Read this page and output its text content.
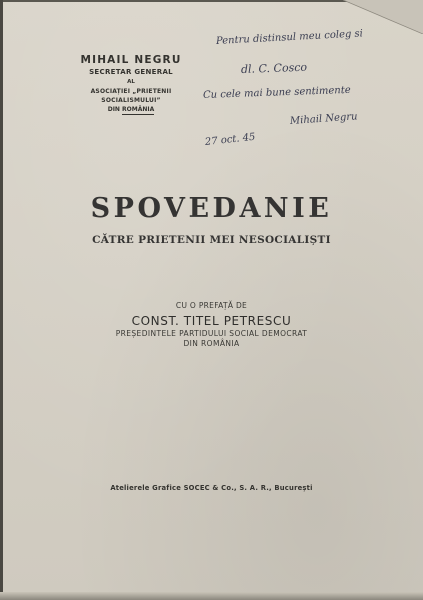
MIHAIL NEGRU

SECRETAR GENERAL

AL

ASOCIAȚIEI „PRIETENII SOCIALISMULUI”

DIN ROMÂNIA

Pentru distinsul meu coleg si
dl. C. Cosco
Cu cele mai bune sentimente
Mihail Negru
27 oct. 45
SPOVEDANIE
CĂTRE PRIETENII MEI NESOCIALIȘTI

CU O PREFAȚĂ DE

CONST. TITEL PETRESCU

PREȘEDINTELE PARTIDULUI SOCIAL DEMOCRAT

DIN ROMÂNIA

Atelierele Grafice SOCEC & Co., S. A. R., București
